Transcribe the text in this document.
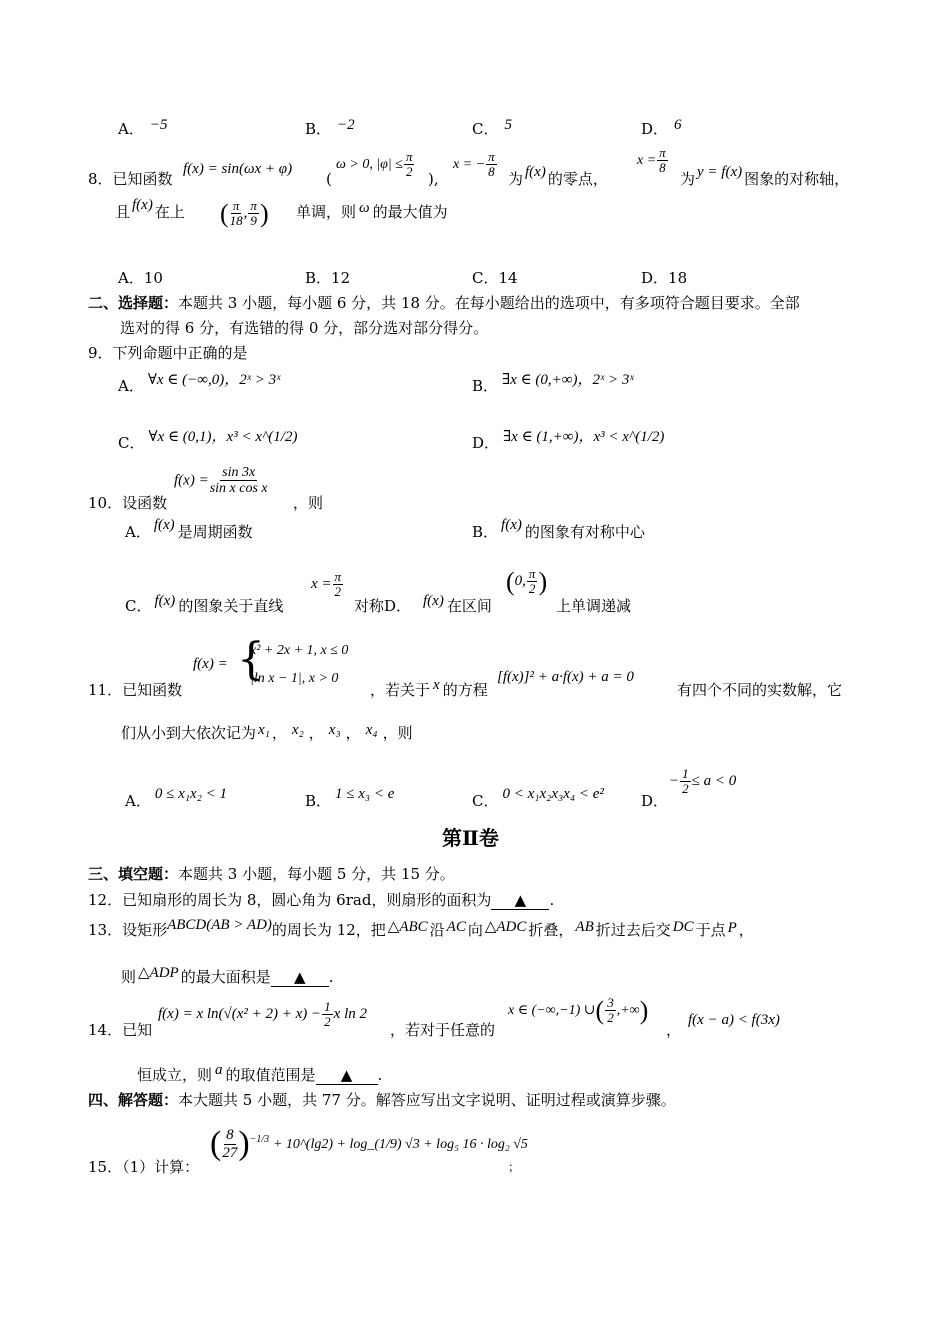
A． −5	B． −2	C． 5	D． 6
8．已知函数
f(x) = sin(ωx + φ)
(
ω > 0, $|\varphi| \le \frac{\pi}{2}$ ),
x = − $\frac{\pi}{8}$ 为 f(x) 的零点，
$x = \frac{\pi}{8}$
为 y = f(x) 图象的对称轴，
且 f(x) 在上 ( $\frac{\pi}{18}$ , $\frac{\pi}{9}$ ) 单调，则 ω 的最大值为
A．10	B．12	C．14	D．18
二、选择题：本题共 3 小题，每小题 6 分，共 18 分。在每小题给出的选项中，有多项符合题目要求。全部
选对的得 6 分，有选错的得 0 分，部分选对部分得分。
9．下列命题中正确的是
A． ∀x ∈ (−∞,0)，2ˣ > 3ˣ	B． ∃x ∈ (0,+∞)，2ˣ > 3ˣ
C． ∀x ∈ (0,1)，x³ < x^(1/2)	D． ∃x ∈ (1,+∞)，x³ < x^(1/2)
10．设函数
$f(x) = \frac{\sin 3x}{\text{sin x cos x}}$
，则
A． f(x) 是周期函数	B． f(x) 的图象有对称中心
C． f(x) 的图象关于直线
$x = \frac{\pi}{2}$
对称D． f(x) 在区间
(0, $\frac{\pi}{2}$ )
上单调递减
11．已知函数
f(x) = {
x² + 2x + 1, x ≤ 0
|ln x − 1|, x > 0
，若关于 x 的方程
[f(x)]² + a·f(x) + a = 0
有四个不同的实数解，它
们从小到大依次记为 x₁ ， x₂ ， x₃ ， x₄ ，则
A． 0 ≤ x₁x₂ < 1	B． 1 ≤ x₃ < e	C． 0 < x₁x₂x₃x₄ < e² D．
− $\frac{1}{2} \le a < 0$
第Ⅱ卷
三、填空题：本题共 3 小题，每小题 5 分，共 15 分。
12．已知扇形的周长为 8，圆心角为 6rad，则扇形的面积为 ▲ .
13．设矩形ABCD(AB > AD)的周长为 12，把 △ABC 沿 AC 向 △ADC 折叠， AB 折过去后交 DC 于点 P ，
则 △ADP 的最大面积是 ▲ .
14．已知
f(x) = x $\ln(√(x^2 + 2) + x) - \frac{1}{2}$ x ln 2
，若对于任意的
x ∈ (−∞,−1) ∪( $\frac{3}{2}$ ,+∞)
，
f(x − a) < f(3x)
恒成立，则 a 的取值范围是 ▲ .
四、解答题：本大题共 5 小题，共 77 分。解答应写出文字说明、证明过程或演算步骤。
15．（1）计算：
( $\frac{8}{27} )^{-1/3}$ + 10^(lg2) + log_(1/9) √3 + log₅ 16 · log₂ √5
；
